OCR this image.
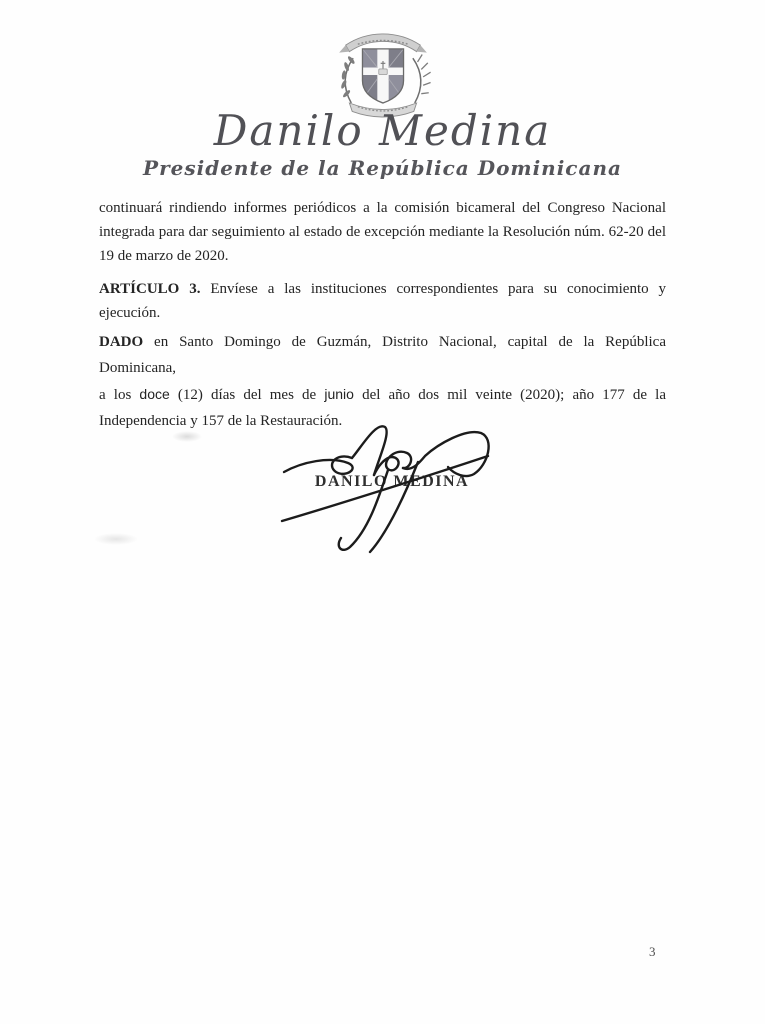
Danilo Medina
Presidente de la República Dominicana
continuará rindiendo informes periódicos a la comisión bicameral del Congreso Nacional
integrada para dar seguimiento al estado de excepción mediante la Resolución núm. 62-20 del
19 de marzo de 2020.
ARTÍCULO 3. Envíese a las instituciones correspondientes para su conocimiento y ejecución.
DADO en Santo Domingo de Guzmán, Distrito Nacional, capital de la República Dominicana,
a los doce (12) días del mes de junio del año dos mil veinte (2020); año 177 de la
Independencia y 157 de la Restauración.
DANILO MEDINA
3
